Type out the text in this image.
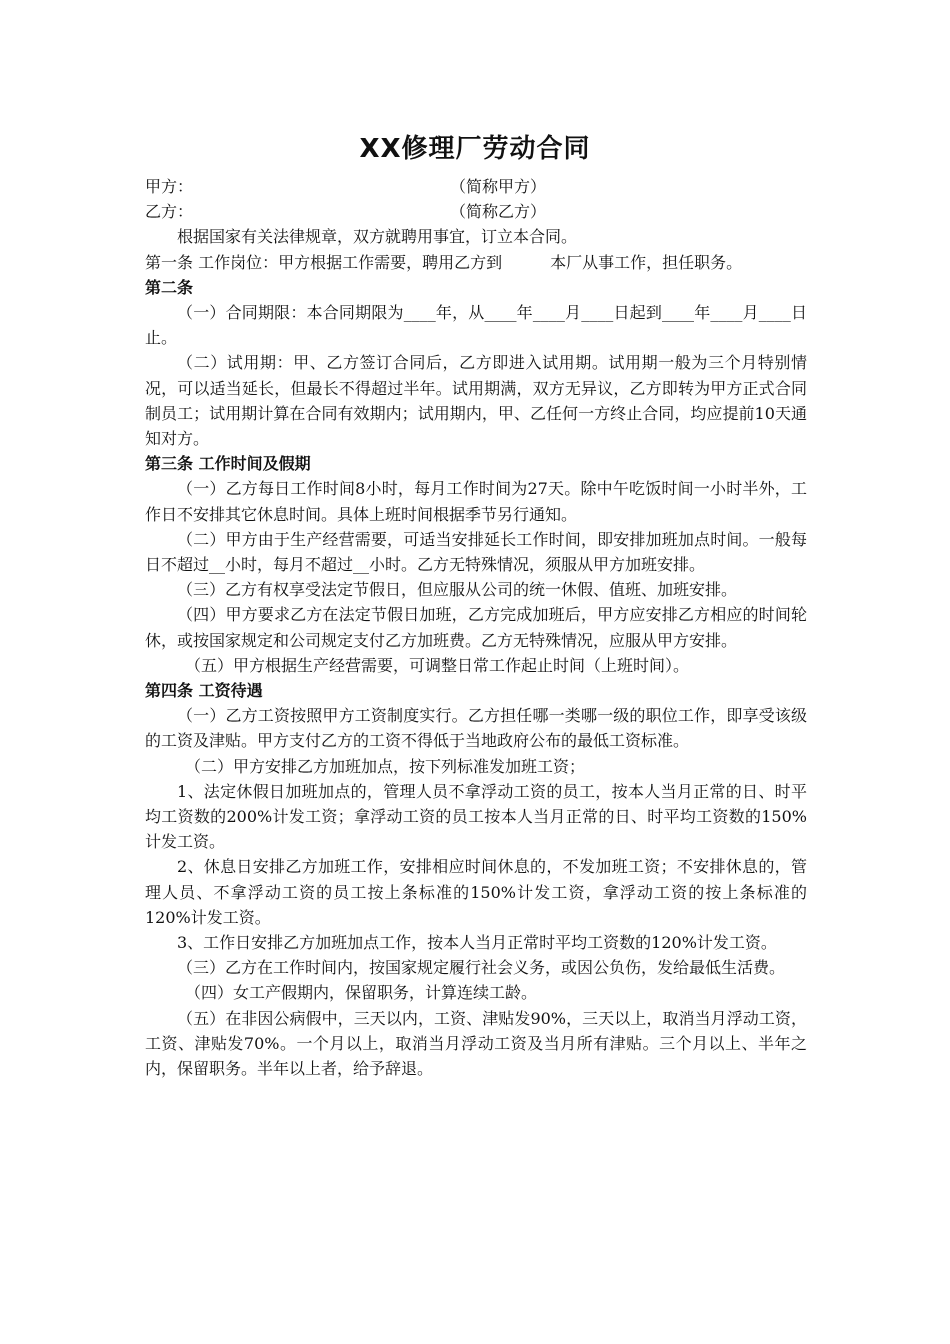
XX修理厂劳动合同
甲方：	（简称甲方）
乙方：	（简称乙方）

根据国家有关法律规章，双方就聘用事宜，订立本合同。

第一条 工作岗位：甲方根据工作需要，聘用乙方到	本厂从事工作，担任职务。

第二条

（一）合同期限：本合同期限为____年，从____年____月____日起到____年____月____日止。

（二）试用期：甲、乙方签订合同后，乙方即进入试用期。试用期一般为三个月特别情况，可以适当延长，但最长不得超过半年。试用期满，双方无异议，乙方即转为甲方正式合同制员工；试用期计算在合同有效期内；试用期内，甲、乙任何一方终止合同，均应提前10天通知对方。

第三条 工作时间及假期

（一）乙方每日工作时间8小时，每月工作时间为27天。除中午吃饭时间一小时半外，工作日不安排其它休息时间。具体上班时间根据季节另行通知。

（二）甲方由于生产经营需要，可适当安排延长工作时间，即安排加班加点时间。一般每日不超过__小时，每月不超过__小时。乙方无特殊情况，须服从甲方加班安排。

（三）乙方有权享受法定节假日，但应服从公司的统一休假、值班、加班安排。

（四）甲方要求乙方在法定节假日加班，乙方完成加班后，甲方应安排乙方相应的时间轮休，或按国家规定和公司规定支付乙方加班费。乙方无特殊情况，应服从甲方安排。

（五）甲方根据生产经营需要，可调整日常工作起止时间（上班时间）。

第四条 工资待遇

（一）乙方工资按照甲方工资制度实行。乙方担任哪一类哪一级的职位工作，即享受该级的工资及津贴。甲方支付乙方的工资不得低于当地政府公布的最低工资标准。

（二）甲方安排乙方加班加点，按下列标准发加班工资；

1、法定休假日加班加点的，管理人员不拿浮动工资的员工，按本人当月正常的日、时平均工资数的200%计发工资；拿浮动工资的员工按本人当月正常的日、时平均工资数的150%计发工资。

2、休息日安排乙方加班工作，安排相应时间休息的，不发加班工资；不安排休息的，管理人员、不拿浮动工资的员工按上条标准的150%计发工资，拿浮动工资的按上条标准的120%计发工资。

3、工作日安排乙方加班加点工作，按本人当月正常时平均工资数的120%计发工资。

（三）乙方在工作时间内，按国家规定履行社会义务，或因公负伤，发给最低生活费。

（四）女工产假期内，保留职务，计算连续工龄。

（五）在非因公病假中，三天以内，工资、津贴发90%，三天以上，取消当月浮动工资，工资、津贴发70%。一个月以上，取消当月浮动工资及当月所有津贴。三个月以上、半年之内，保留职务。半年以上者，给予辞退。
